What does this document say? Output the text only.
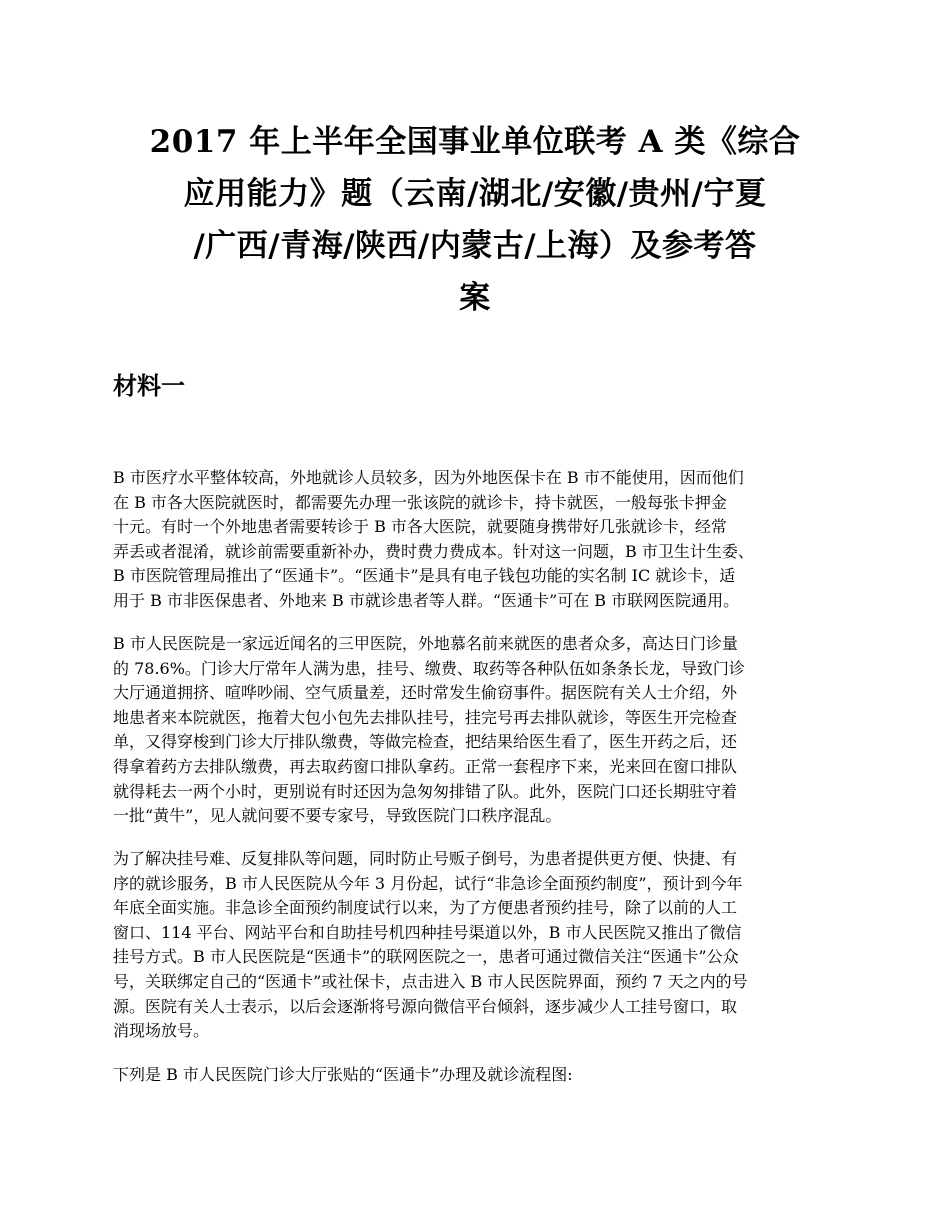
2017 年上半年全国事业单位联考 A 类《综合
应用能力》题（云南/湖北/安徽/贵州/宁夏
/广西/青海/陕西/内蒙古/上海）及参考答
案
材料一

B 市医疗水平整体较高，外地就诊人员较多，因为外地医保卡在 B 市不能使用，因而他们
在 B 市各大医院就医时，都需要先办理一张该院的就诊卡，持卡就医，一般每张卡押金
十元。有时一个外地患者需要转诊于 B 市各大医院，就要随身携带好几张就诊卡，经常
弄丢或者混淆，就诊前需要重新补办，费时费力费成本。针对这一问题，B 市卫生计生委、
B 市医院管理局推出了“医通卡”。“医通卡”是具有电子钱包功能的实名制 IC 就诊卡，适
用于 B 市非医保患者、外地来 B 市就诊患者等人群。“医通卡”可在 B 市联网医院通用。

B 市人民医院是一家远近闻名的三甲医院，外地慕名前来就医的患者众多，高达日门诊量
的 78.6%。门诊大厅常年人满为患，挂号、缴费、取药等各种队伍如条条长龙，导致门诊
大厅通道拥挤、喧哗吵闹、空气质量差，还时常发生偷窃事件。据医院有关人士介绍，外
地患者来本院就医，拖着大包小包先去排队挂号，挂完号再去排队就诊，等医生开完检查
单，又得穿梭到门诊大厅排队缴费，等做完检查，把结果给医生看了，医生开药之后，还
得拿着药方去排队缴费，再去取药窗口排队拿药。正常一套程序下来，光来回在窗口排队
就得耗去一两个小时，更别说有时还因为急匆匆排错了队。此外，医院门口还长期驻守着
一批“黄牛”，见人就问要不要专家号，导致医院门口秩序混乱。

为了解决挂号难、反复排队等问题，同时防止号贩子倒号，为患者提供更方便、快捷、有
序的就诊服务，B 市人民医院从今年 3 月份起，试行“非急诊全面预约制度”，预计到今年
年底全面实施。非急诊全面预约制度试行以来，为了方便患者预约挂号，除了以前的人工
窗口、114 平台、网站平台和自助挂号机四种挂号渠道以外，B 市人民医院又推出了微信
挂号方式。B 市人民医院是“医通卡”的联网医院之一，患者可通过微信关注“医通卡”公众
号，关联绑定自己的“医通卡”或社保卡，点击进入 B 市人民医院界面，预约 7 天之内的号
源。医院有关人士表示，以后会逐渐将号源向微信平台倾斜，逐步减少人工挂号窗口，取
消现场放号。

下列是 B 市人民医院门诊大厅张贴的“医通卡”办理及就诊流程图:
